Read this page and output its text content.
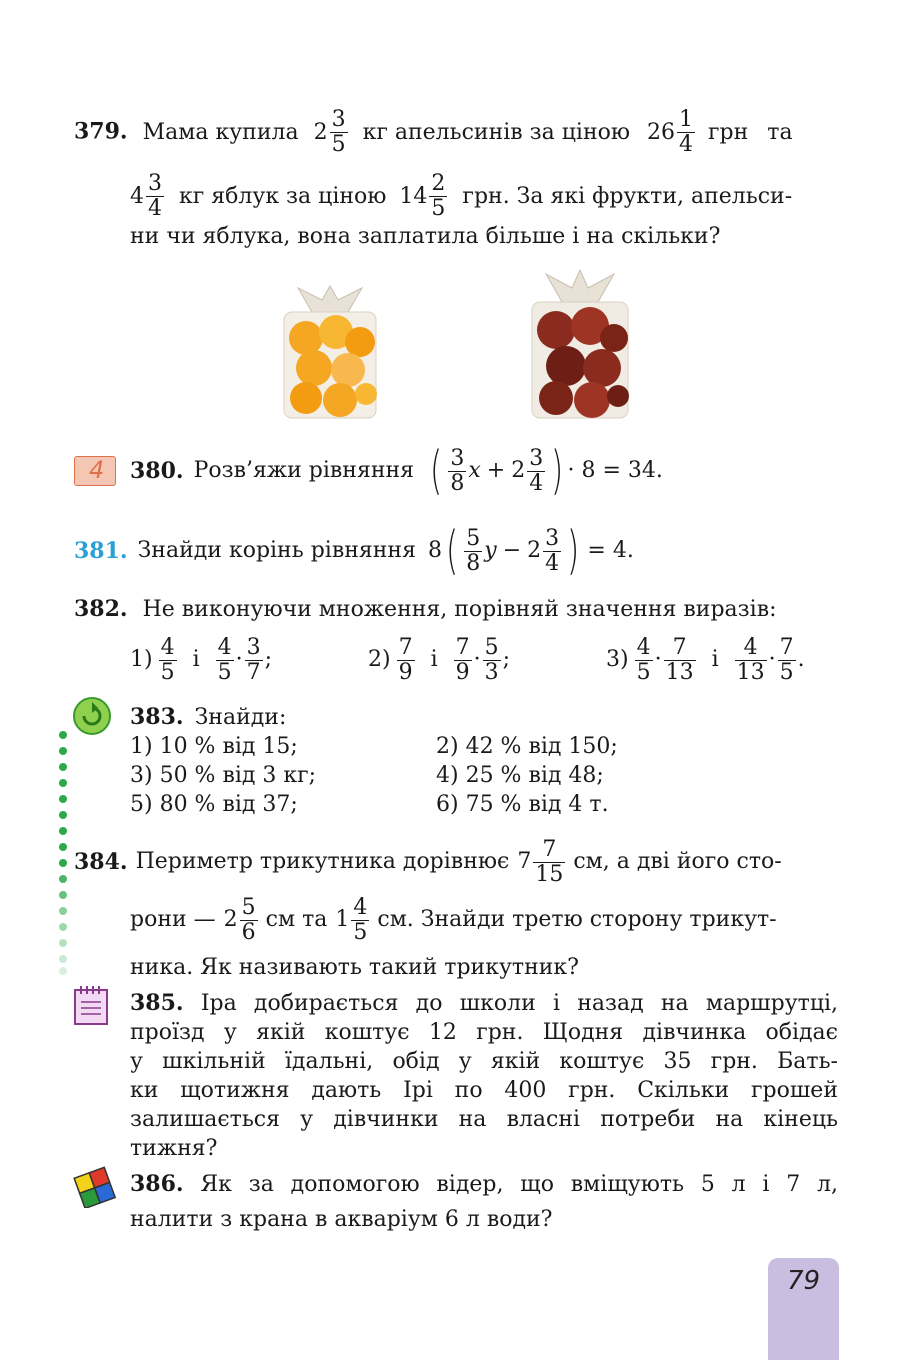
379. Мама купила $2 \frac{3}{5}$ кг апельсинів за ціною $26 \frac{1}{4}$ грн та
$4 \frac{3}{4}$ кг яблук за ціною $14 \frac{2}{5}$ грн. За які фрукти, апельси-
ни чи яблука, вона заплатила більше і на скільки?
4 380. Розв’яжи рівняння ( $\frac{3}{8}$ $x + 2 \frac{3}{4}$ ) · 8 = 34.
381. Знайди корінь рівняння 8 ( $\frac{5}{8}$ $y - 2 \frac{3}{4}$ ) = 4.
382. Не виконуючи множення, порівняй значення виразів:
$1) \frac{4}{5}$ і $\frac{4}{5} \cdot \frac{3}{7}$ ;	$2) \frac{7}{9}$ і $\frac{7}{9} \cdot \frac{5}{3}$ ;	$3) \frac{4}{5} \cdot \frac{7}{13}$ і $\frac{4}{13} \cdot \frac{7}{5}$ .
383. Знайди:
1) 10 % від 15;	2) 42 % від 150;
3) 50 % від 3 кг;	4) 25 % від 48;
5) 80 % від 37;	6) 75 % від 4 т.
384. Периметр трикутника дорівнює $7 \frac{7}{15}$ см, а дві його сто-
рони — $2 \frac{5}{6}$ см та $1 \frac{4}{5}$ см. Знайди третю сторону трикут-
ника. Як називають такий трикутник?
385. Іра добирається до школи і назад на маршрутці,
проїзд у якій коштує 12 грн. Щодня дівчинка обідає
у шкільній їдальні, обід у якій коштує 35 грн. Бать-
ки щотижня дають Ірі по 400 грн. Скільки грошей
залишається у дівчинки на власні потреби на кінець
тижня?
386. Як за допомогою відер, що вміщують 5 л і 7 л,
налити з крана в акваріум 6 л води?
79
